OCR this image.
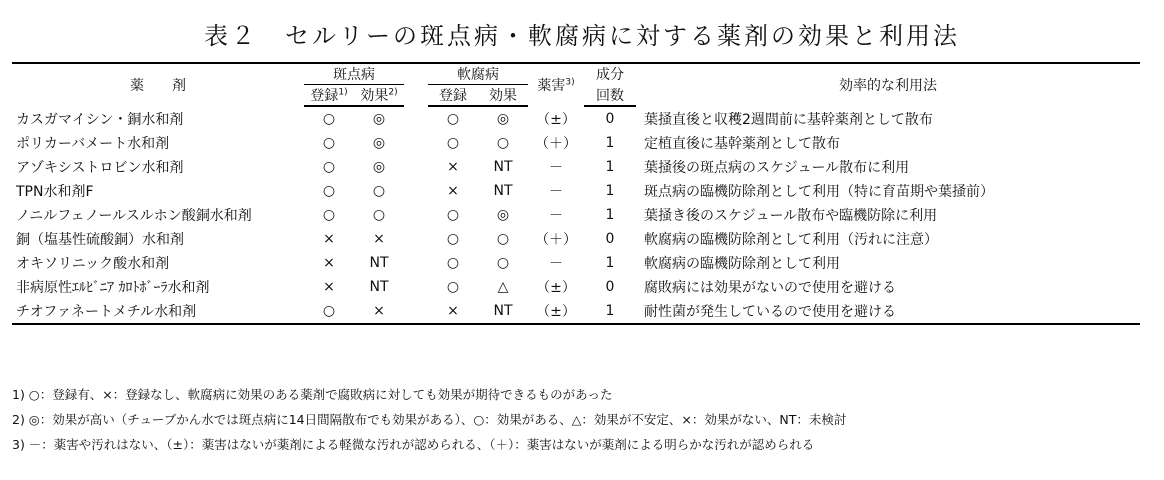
表２　セルリーの斑点病・軟腐病に対する薬剤の効果と利用法
薬　　剤	斑点病			軟腐病		薬害$^{3)}$	成分	効率的な利用法
	登録$^{1)}$	効果$^{2)}$		登録	効果		回数	
カスガマイシン・銅水和剤	○	◎		○	◎	（±）	0	葉掻直後と収穫2週間前に基幹薬剤として散布
ポリカーバメート水和剤	○	◎		○	○	（＋）	1	定植直後に基幹薬剤として散布
アゾキシストロビン水和剤	○	◎		×	NT	－	1	葉掻後の斑点病のスケジュール散布に利用
TPN水和剤F	○	○		×	NT	－	1	斑点病の臨機防除剤として利用（特に育苗期や葉掻前）
ノニルフェノールスルホン酸銅水和剤	○	○		○	◎	－	1	葉掻き後のスケジュール散布や臨機防除に利用
銅（塩基性硫酸銅）水和剤	×	×		○	○	（＋）	0	軟腐病の臨機防除剤として利用（汚れに注意）
オキソリニック酸水和剤	×	NT		○	○	－	1	軟腐病の臨機防除剤として利用
非病原性ｴﾙﾋﾞﾆｱ ｶﾛﾄﾎﾞｰﾗ水和剤	×	NT		○	△	（±）	0	腐敗病には効果がないので使用を避ける
チオファネートメチル水和剤	○	×		×	NT	（±）	1	耐性菌が発生しているので使用を避ける
1) ○：登録有、×：登録なし、軟腐病に効果のある薬剤で腐敗病に対しても効果が期待できるものがあった
2) ◎：効果が高い（チューブかん水では斑点病に14日間隔散布でも効果がある）、○：効果がある、△：効果が不安定、×：効果がない、NT：未検討
3) －：薬害や汚れはない、（±）：薬害はないが薬剤による軽微な汚れが認められる、（＋）：薬害はないが薬剤による明らかな汚れが認められる
